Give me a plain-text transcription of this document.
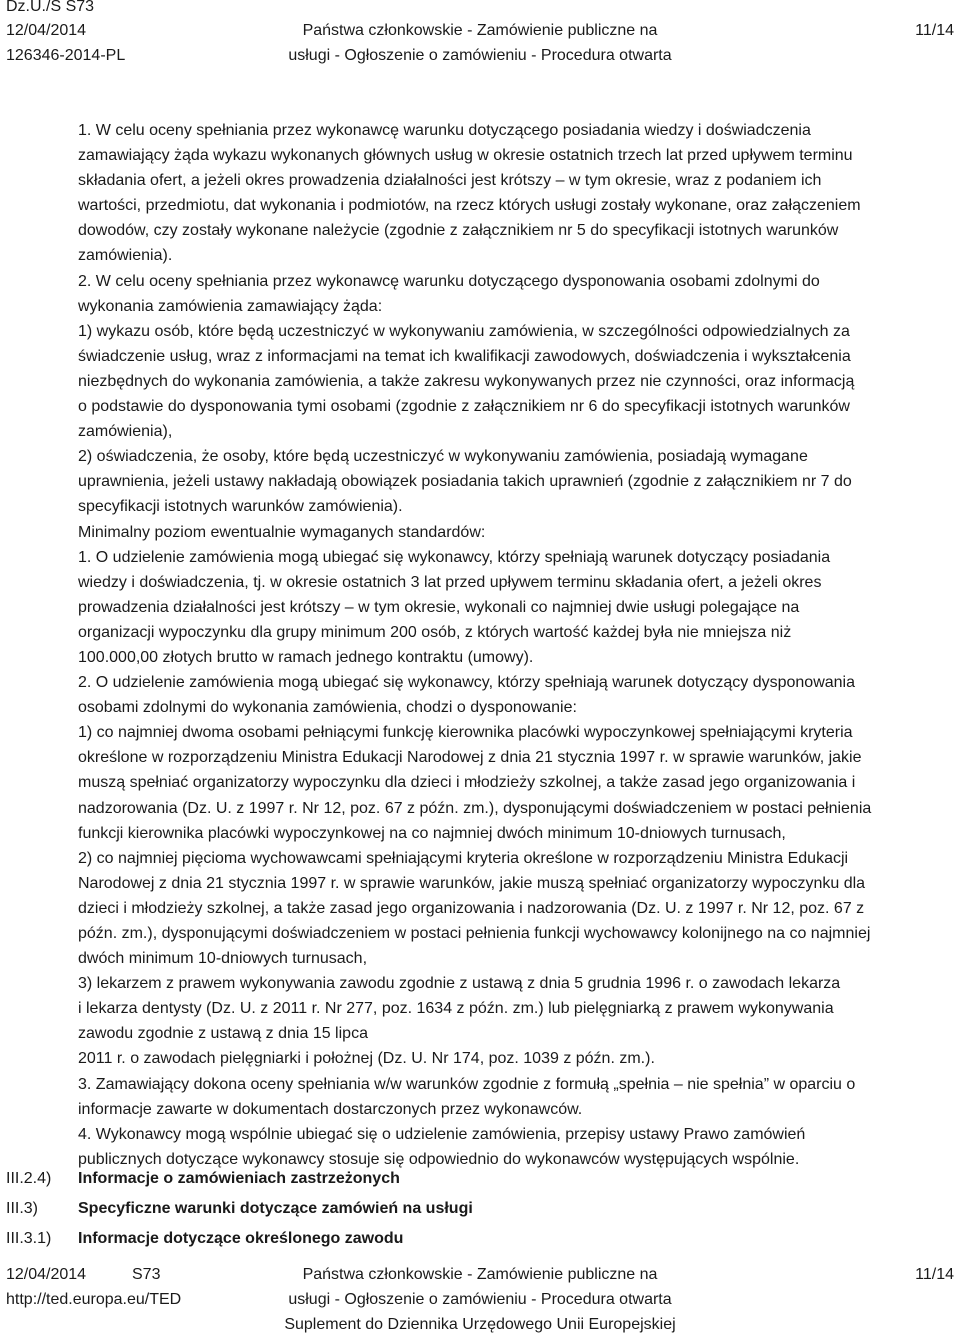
Dz.U./S S73
12/04/2014
126346-2014-PL
Państwa członkowskie - Zamówienie publiczne na
usługi - Ogłoszenie o zamówieniu - Procedura otwarta
11/14
1. W celu oceny spełniania przez wykonawcę warunku dotyczącego posiadania wiedzy i doświadczenia
zamawiający żąda wykazu wykonanych głównych usług w okresie ostatnich trzech lat przed upływem terminu
składania ofert, a jeżeli okres prowadzenia działalności jest krótszy ‒ w tym okresie, wraz z podaniem ich
wartości, przedmiotu, dat wykonania i podmiotów, na rzecz których usługi zostały wykonane, oraz załączeniem
dowodów, czy zostały wykonane należycie (zgodnie z załącznikiem nr 5 do specyfikacji istotnych warunków
zamówienia).
2. W celu oceny spełniania przez wykonawcę warunku dotyczącego dysponowania osobami zdolnymi do
wykonania zamówienia zamawiający żąda:
1) wykazu osób, które będą uczestniczyć w wykonywaniu zamówienia, w szczególności odpowiedzialnych za
świadczenie usług, wraz z informacjami na temat ich kwalifikacji zawodowych, doświadczenia i wykształcenia
niezbędnych do wykonania zamówienia, a także zakresu wykonywanych przez nie czynności, oraz informacją
o podstawie do dysponowania tymi osobami (zgodnie z załącznikiem nr 6 do specyfikacji istotnych warunków
zamówienia),
2) oświadczenia, że osoby, które będą uczestniczyć w wykonywaniu zamówienia, posiadają wymagane
uprawnienia, jeżeli ustawy nakładają obowiązek posiadania takich uprawnień (zgodnie z załącznikiem nr 7 do
specyfikacji istotnych warunków zamówienia).
Minimalny poziom ewentualnie wymaganych standardów:
1. O udzielenie zamówienia mogą ubiegać się wykonawcy, którzy spełniają warunek dotyczący posiadania
wiedzy i doświadczenia, tj. w okresie ostatnich 3 lat przed upływem terminu składania ofert, a jeżeli okres
prowadzenia działalności jest krótszy ‒ w tym okresie, wykonali co najmniej dwie usługi polegające na
organizacji wypoczynku dla grupy minimum 200 osób, z których wartość każdej była nie mniejsza niż
100.000,00 złotych brutto w ramach jednego kontraktu (umowy).
2. O udzielenie zamówienia mogą ubiegać się wykonawcy, którzy spełniają warunek dotyczący dysponowania
osobami zdolnymi do wykonania zamówienia, chodzi o dysponowanie:
1) co najmniej dwoma osobami pełniącymi funkcję kierownika placówki wypoczynkowej spełniającymi kryteria
określone w rozporządzeniu Ministra Edukacji Narodowej z dnia 21 stycznia 1997 r. w sprawie warunków, jakie
muszą spełniać organizatorzy wypoczynku dla dzieci i młodzieży szkolnej, a także zasad jego organizowania i
nadzorowania (Dz. U. z 1997 r. Nr 12, poz. 67 z późn. zm.), dysponującymi doświadczeniem w postaci pełnienia
funkcji kierownika placówki wypoczynkowej na co najmniej dwóch minimum 10-dniowych turnusach,
2) co najmniej pięcioma wychowawcami spełniającymi kryteria określone w rozporządzeniu Ministra Edukacji
Narodowej z dnia 21 stycznia 1997 r. w sprawie warunków, jakie muszą spełniać organizatorzy wypoczynku dla
dzieci i młodzieży szkolnej, a także zasad jego organizowania i nadzorowania (Dz. U. z 1997 r. Nr 12, poz. 67 z
późn. zm.), dysponującymi doświadczeniem w postaci pełnienia funkcji wychowawcy kolonijnego na co najmniej
dwóch minimum 10-dniowych turnusach,
3) lekarzem z prawem wykonywania zawodu zgodnie z ustawą z dnia 5 grudnia 1996 r. o zawodach lekarza
i lekarza dentysty (Dz. U. z 2011 r. Nr 277, poz. 1634 z późn. zm.) lub pielęgniarką z prawem wykonywania
zawodu zgodnie z ustawą z dnia 15 lipca
2011 r. o zawodach pielęgniarki i położnej (Dz. U. Nr 174, poz. 1039 z późn. zm.).
3. Zamawiający dokona oceny spełniania w/w warunków zgodnie z formułą „spełnia ‒ nie spełnia” w oparciu o
informacje zawarte w dokumentach dostarczonych przez wykonawców.
4. Wykonawcy mogą wspólnie ubiegać się o udzielenie zamówienia, przepisy ustawy Prawo zamówień
publicznych dotyczące wykonawcy stosuje się odpowiednio do wykonawców występujących wspólnie.
III.2.4) Informacje o zamówieniach zastrzeżonych
III.3) Specyficzne warunki dotyczące zamówień na usługi
III.3.1) Informacje dotyczące określonego zawodu
12/04/2014	S73
http://ted.europa.eu/TED
Państwa członkowskie - Zamówienie publiczne na
usługi - Ogłoszenie o zamówieniu - Procedura otwarta
Suplement do Dziennika Urzędowego Unii Europejskiej
11/14
